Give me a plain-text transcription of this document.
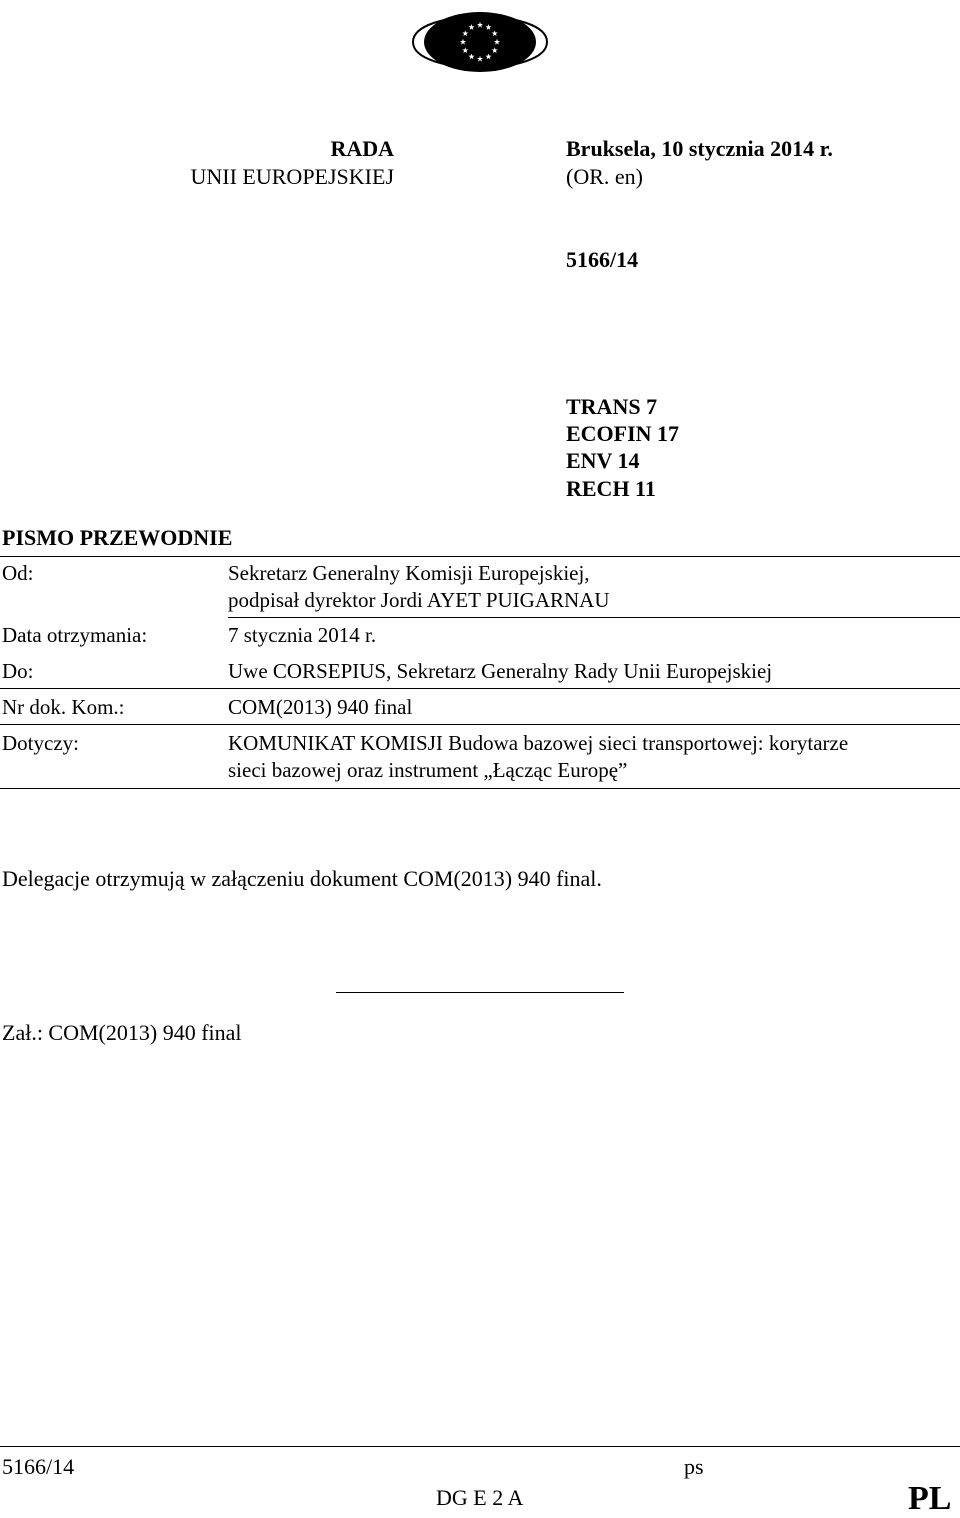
RADA
UNII EUROPEJSKIEJ
Bruksela, 10 stycznia 2014 r.
(OR. en)
5166/14
TRANS 7
ECOFIN 17
ENV 14
RECH 11
PISMO PRZEWODNIE
Od:	Sekretarz Generalny Komisji Europejskiej,
podpisał dyrektor Jordi AYET PUIGARNAU
Data otrzymania:	7 stycznia 2014 r.
Do:	Uwe CORSEPIUS, Sekretarz Generalny Rady Unii Europejskiej
Nr dok. Kom.:	COM(2013) 940 final
Dotyczy:	KOMUNIKAT KOMISJI Budowa bazowej sieci transportowej: korytarze
sieci bazowej oraz instrument „Łącząc Europę”
Delegacje otrzymują w załączeniu dokument COM(2013) 940 final.
Zał.: COM(2013) 940 final
5166/14	ps
DG E 2 A	PL
